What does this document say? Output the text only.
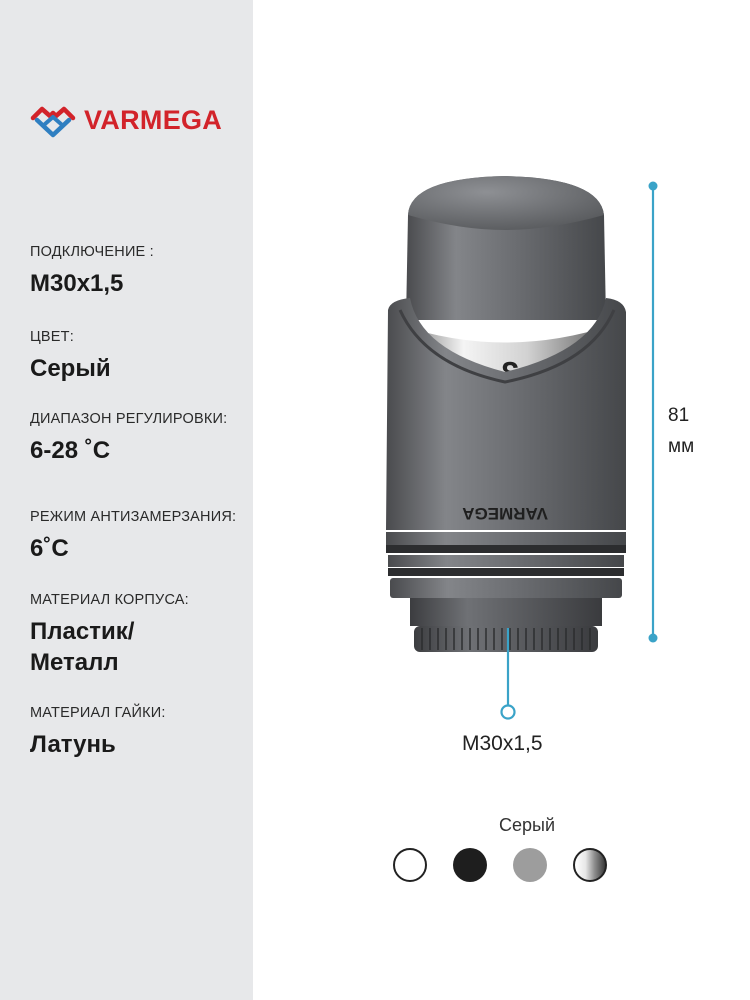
VARMEGA
ПОДКЛЮЧЕНИЕ :
М30х1,5
ЦВЕТ:
Серый
ДИАПАЗОН РЕГУЛИРОВКИ:
6-28 ˚С
РЕЖИМ АНТИЗАМЕРЗАНИЯ:
6˚С
МАТЕРИАЛ КОРПУСА:
Пластик/
Металл
МАТЕРИАЛ ГАЙКИ:
Латунь
VARMEGA
81
мм
М30х1,5
Серый
